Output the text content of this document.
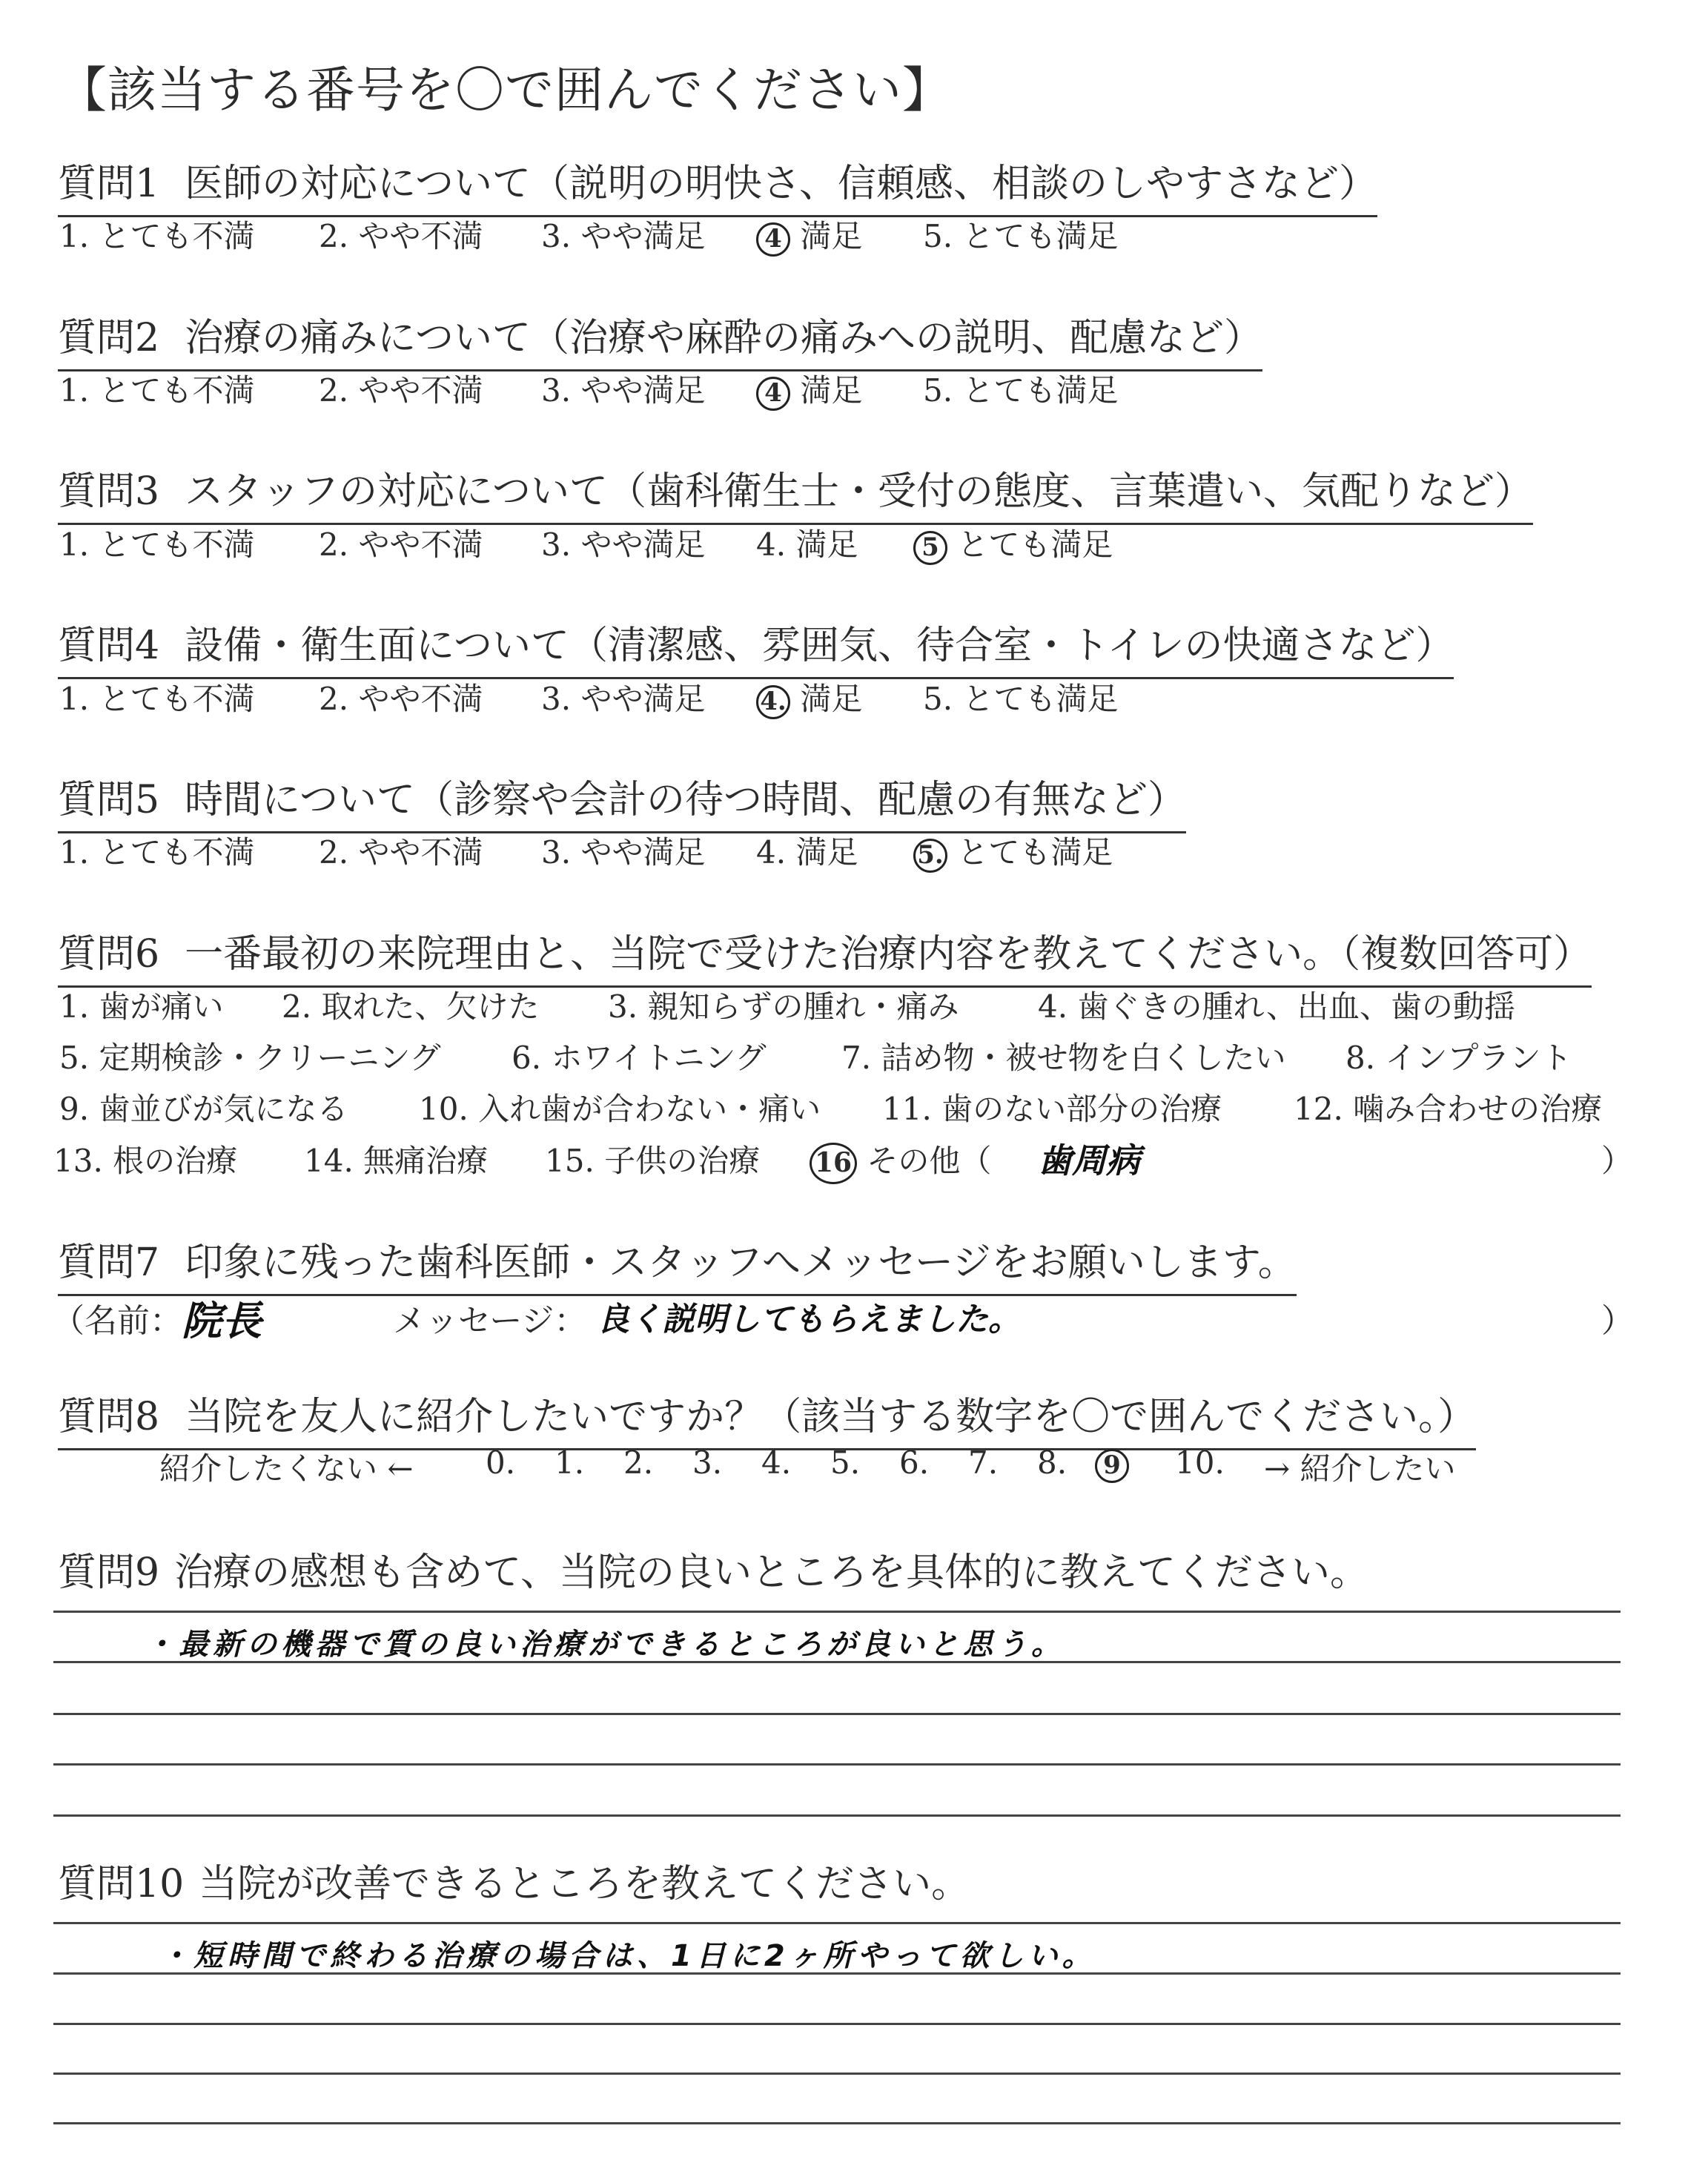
【該当する番号を〇で囲んでください】
質問1 医師の対応について（説明の明快さ、信頼感、相談のしやすさなど）
1. とても不満 2. やや不満 3. やや満足	4 満足 5. とても満足
質問2 治療の痛みについて（治療や麻酔の痛みへの説明、配慮など）
1. とても不満 2. やや不満 3. やや満足	4 満足 5. とても満足
質問3 スタッフの対応について（歯科衛生士・受付の態度、言葉遣い、気配りなど）
1. とても不満 2. やや不満 3. やや満足 4. 満足	5 とても満足
質問4 設備・衛生面について（清潔感、雰囲気、待合室・トイレの快適さなど）
1. とても不満 2. やや不満 3. やや満足 4. 満足 5. とても満足
質問5 時間について（診察や会計の待つ時間、配慮の有無など）
1. とても不満 2. やや不満 3. やや満足 4. 満足 5. とても満足
質問6 一番最初の来院理由と、当院で受けた治療内容を教えてください。（複数回答可）
1. 歯が痛い 2. 取れた、欠けた 3. 親知らずの腫れ・痛み	4. 歯ぐきの腫れ、出血、歯の動揺
5. 定期検診・クリーニング 6. ホワイトニング 7. 詰め物・被せ物を白くしたい 8. インプラント
9. 歯並びが気になる 10. 入れ歯が合わない・痛い 11. 歯のない部分の治療 12. 噛み合わせの治療
13. 根の治療 14. 無痛治療 15. 子供の治療 16 その他（ 歯周病	）
質問7 印象に残った歯科医師・スタッフへメッセージをお願いします。
（名前： 院長	メッセージ： 良く説明してもらえました。	）
質問8 当院を友人に紹介したいですか？（該当する数字を〇で囲んでください。）
紹介したくない ← 0. 1. 2. 3. 4. 5. 6. 7. 8.	9 10. → 紹介したい
質問9 治療の感想も含めて、当院の良いところを具体的に教えてください。
・最新の機器で質の良い治療ができるところが良いと思う。
質問10 当院が改善できるところを教えてください。
・短時間で終わる治療の場合は、1日に2ヶ所やって欲しい。
